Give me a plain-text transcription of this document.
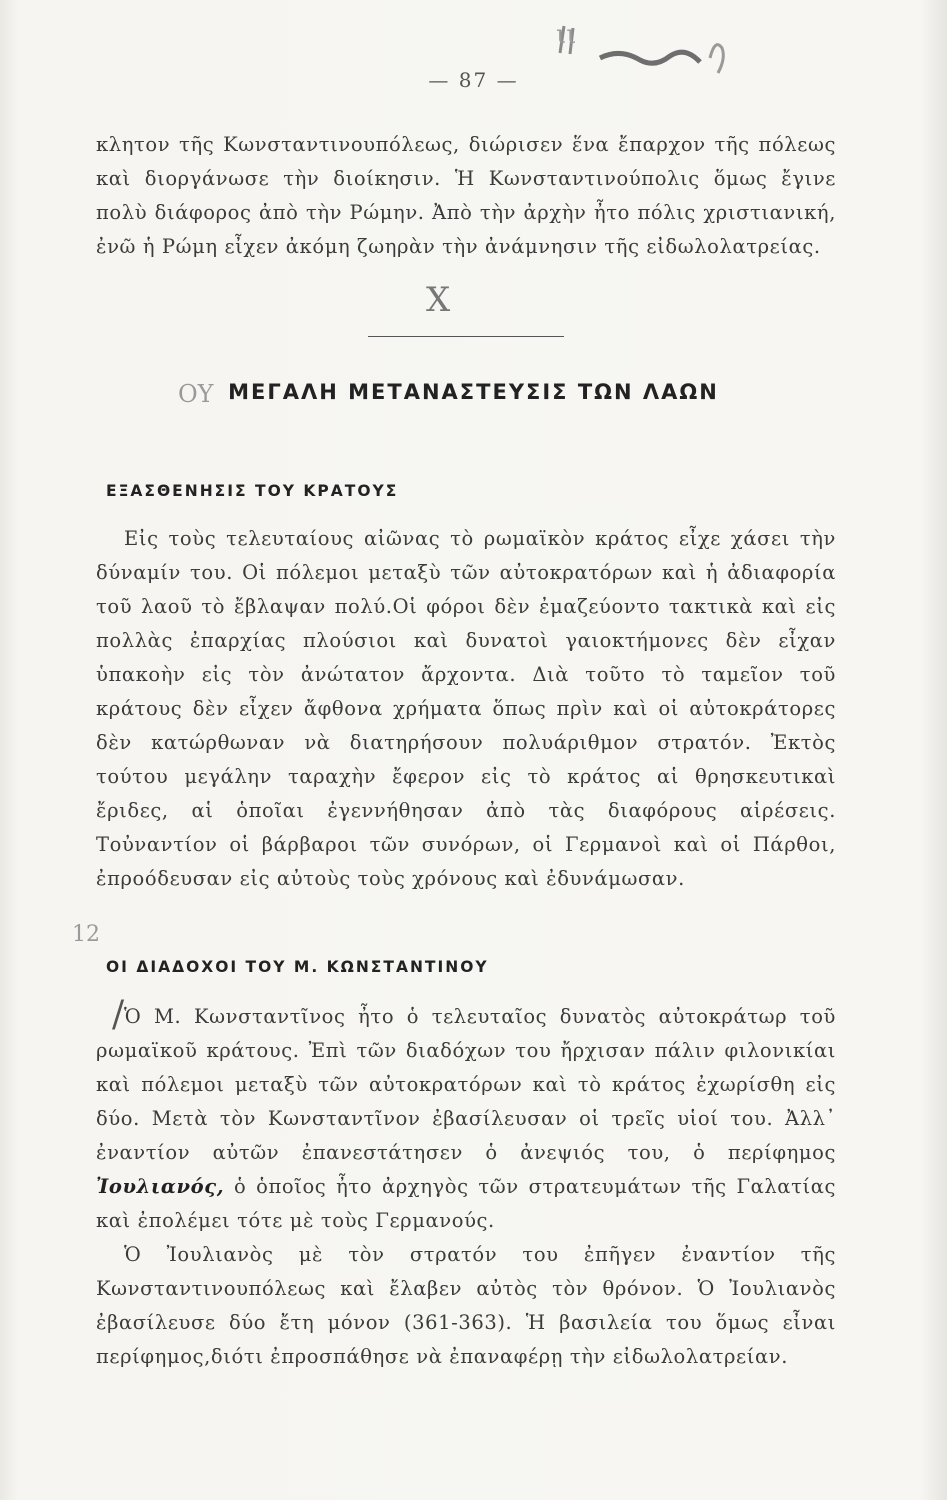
ιι
— 87 —

κλητον τῆς Κωνσταντινουπόλεως, διώρισεν ἕνα ἔπαρχον τῆς πόλεως καὶ διοργάνωσε τὴν διοίκησιν. Ἡ Κωνσταντινούπολις ὅμως ἔγινε πολὺ διάφορος ἀπὸ τὴν Ρώμην. Ἀπὸ τὴν ἀρχὴν ἦτο πόλις χριστιανική, ἐνῶ ἡ Ρώμη εἶχεν ἀκόμη ζωηρὰν τὴν ἀνάμνησιν τῆς εἰδωλολατρείας.

Χ
ΟΥ ΜΕΓΑΛΗ ΜΕΤΑΝΑΣΤΕΥΣΙΣ ΤΩΝ ΛΑΩΝ
ΕΞΑΣΘΕΝΗΣΙΣ ΤΟΥ ΚΡΑΤΟΥΣ

Εἰς τοὺς τελευταίους αἰῶνας τὸ ρωμαϊκὸν κράτος εἶχε χάσει τὴν δύναμίν του. Οἱ πόλεμοι μεταξὺ τῶν αὐτοκρατόρων καὶ ἡ ἀδιαφορία τοῦ λαοῦ τὸ ἔβλαψαν πολύ.Οἱ φόροι δὲν ἐμαζεύοντο τακτικὰ καὶ εἰς πολλὰς ἐπαρχίας πλούσιοι καὶ δυνατοὶ γαιοκτήμονες δὲν εἶχαν ὑπακοὴν εἰς τὸν ἀνώτατον ἄρχοντα. Διὰ τοῦτο τὸ ταμεῖον τοῦ κράτους δὲν εἶχεν ἄφθονα χρήματα ὅπως πρὶν καὶ οἱ αὐτοκράτορες δὲν κατώρθωναν νὰ διατηρήσουν πολυάριθμον στρατόν. Ἐκτὸς τούτου μεγάλην ταραχὴν ἔφερον εἰς τὸ κράτος αἱ θρησκευτικαὶ ἔριδες, αἱ ὁποῖαι ἐγεννήθησαν ἀπὸ τὰς διαφόρους αἱρέσεις. Τοὐναντίον οἱ βάρβαροι τῶν συνόρων, οἱ Γερμανοὶ καὶ οἱ Πάρθοι, ἐπροόδευσαν εἰς αὐτοὺς τοὺς χρόνους καὶ ἐδυνάμωσαν.

12
ΟΙ ΔΙΑΔΟΧΟΙ ΤΟΥ Μ. ΚΩΝΣΤΑΝΤΙΝΟΥ
/ Ὁ Μ. Κωνσταντῖνος ἦτο ὁ τελευταῖος δυνατὸς αὐτοκράτωρ τοῦ ρωμαϊκοῦ κράτους. Ἐπὶ τῶν διαδόχων του ἤρχισαν πάλιν φιλονικίαι καὶ πόλεμοι μεταξὺ τῶν αὐτοκρατόρων καὶ τὸ κράτος ἐχωρίσθη εἰς δύο. Μετὰ τὸν Κωνσταντῖνον ἐβασίλευσαν οἱ τρεῖς υἱοί του. Ἀλλ᾽ ἐναντίον αὐτῶν ἐπανεστάτησεν ὁ ἀνεψιός του, ὁ περίφημος Ἰουλιανός, ὁ ὁποῖος ἦτο ἀρχηγὸς τῶν στρατευμάτων τῆς Γαλατίας καὶ ἐπολέμει τότε μὲ τοὺς Γερμανούς.

Ὁ Ἰουλιανὸς μὲ τὸν στρατόν του ἐπῆγεν ἐναντίον τῆς Κωνσταντινουπόλεως καὶ ἔλαβεν αὐτὸς τὸν θρόνον. Ὁ Ἰουλιανὸς ἐβασίλευσε δύο ἔτη μόνον (361-363). Ἡ βασιλεία του ὅμως εἶναι περίφημος,διότι ἐπροσπάθησε νὰ ἐπαναφέρῃ τὴν εἰδωλολατρείαν.
